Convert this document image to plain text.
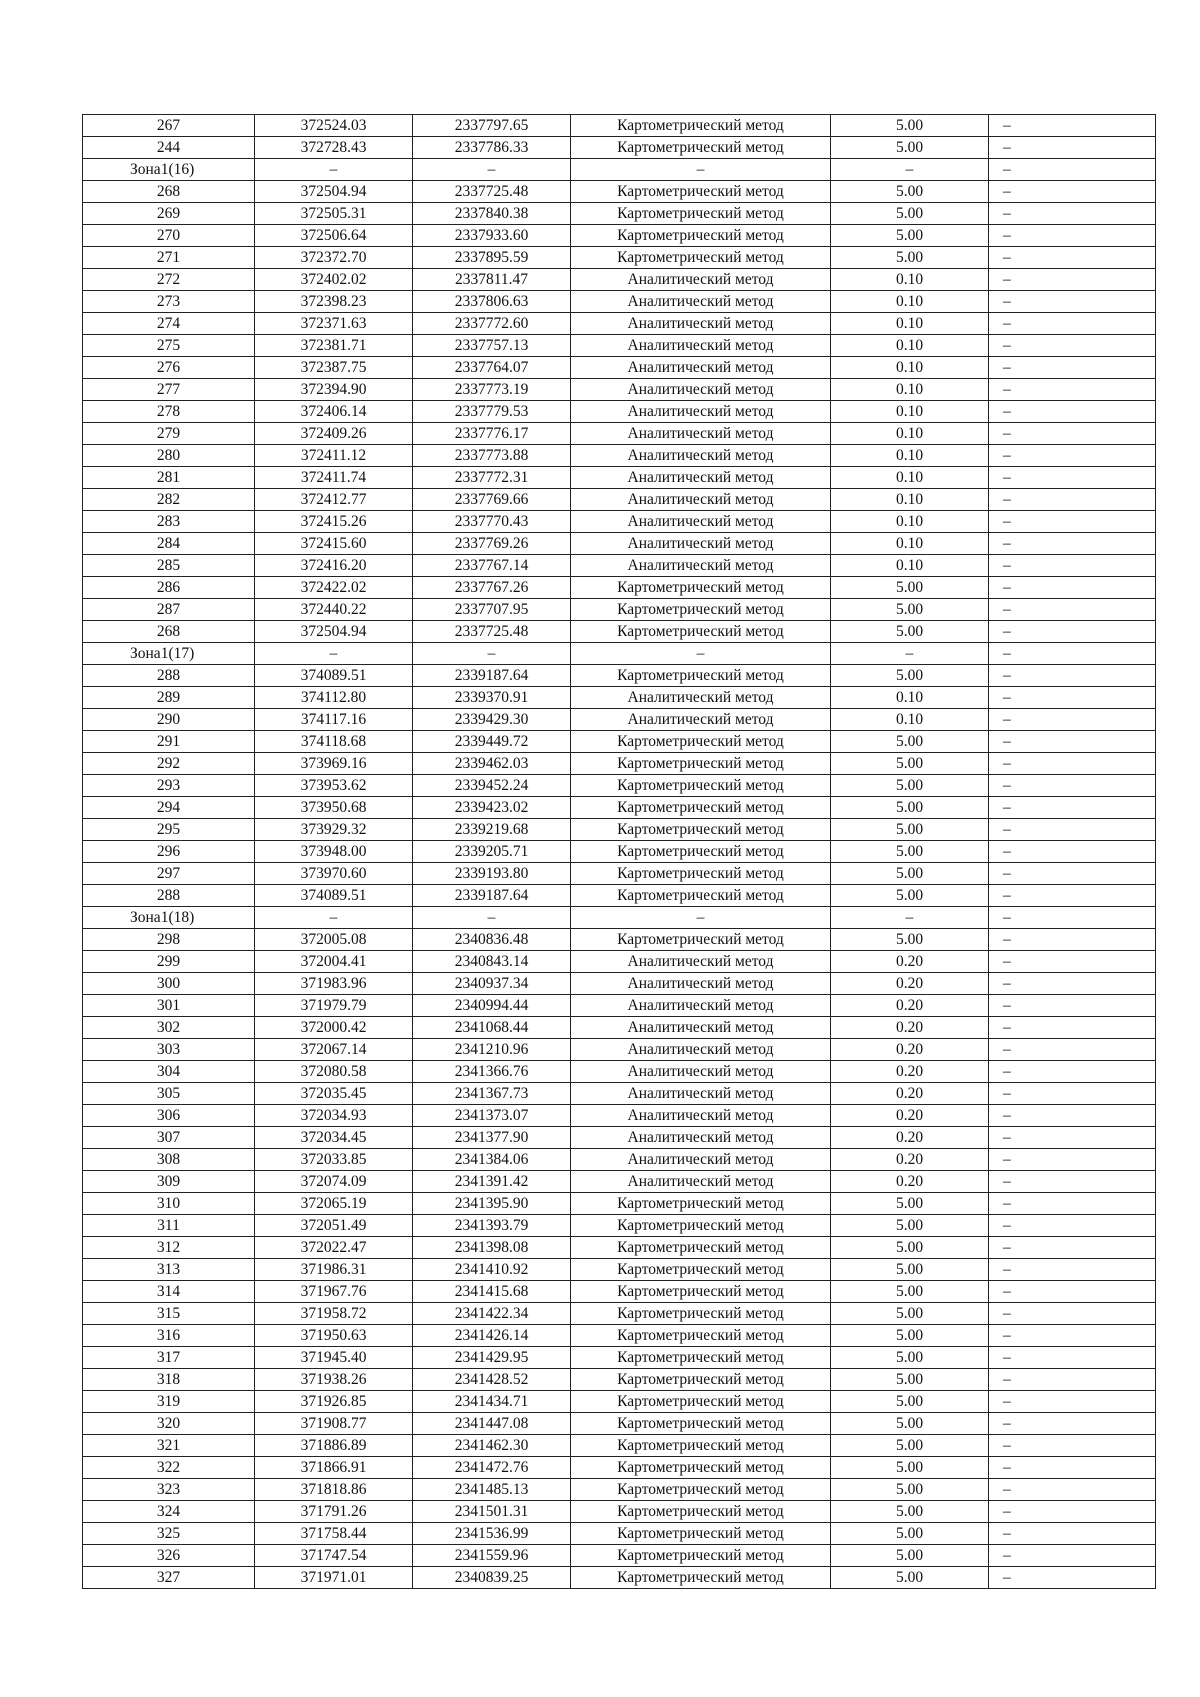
267	372524.03	2337797.65	Картометрический метод	5.00	–
244	372728.43	2337786.33	Картометрический метод	5.00	–
Зона1(16)	–	–	–	–	–
268	372504.94	2337725.48	Картометрический метод	5.00	–
269	372505.31	2337840.38	Картометрический метод	5.00	–
270	372506.64	2337933.60	Картометрический метод	5.00	–
271	372372.70	2337895.59	Картометрический метод	5.00	–
272	372402.02	2337811.47	Аналитический метод	0.10	–
273	372398.23	2337806.63	Аналитический метод	0.10	–
274	372371.63	2337772.60	Аналитический метод	0.10	–
275	372381.71	2337757.13	Аналитический метод	0.10	–
276	372387.75	2337764.07	Аналитический метод	0.10	–
277	372394.90	2337773.19	Аналитический метод	0.10	–
278	372406.14	2337779.53	Аналитический метод	0.10	–
279	372409.26	2337776.17	Аналитический метод	0.10	–
280	372411.12	2337773.88	Аналитический метод	0.10	–
281	372411.74	2337772.31	Аналитический метод	0.10	–
282	372412.77	2337769.66	Аналитический метод	0.10	–
283	372415.26	2337770.43	Аналитический метод	0.10	–
284	372415.60	2337769.26	Аналитический метод	0.10	–
285	372416.20	2337767.14	Аналитический метод	0.10	–
286	372422.02	2337767.26	Картометрический метод	5.00	–
287	372440.22	2337707.95	Картометрический метод	5.00	–
268	372504.94	2337725.48	Картометрический метод	5.00	–
Зона1(17)	–	–	–	–	–
288	374089.51	2339187.64	Картометрический метод	5.00	–
289	374112.80	2339370.91	Аналитический метод	0.10	–
290	374117.16	2339429.30	Аналитический метод	0.10	–
291	374118.68	2339449.72	Картометрический метод	5.00	–
292	373969.16	2339462.03	Картометрический метод	5.00	–
293	373953.62	2339452.24	Картометрический метод	5.00	–
294	373950.68	2339423.02	Картометрический метод	5.00	–
295	373929.32	2339219.68	Картометрический метод	5.00	–
296	373948.00	2339205.71	Картометрический метод	5.00	–
297	373970.60	2339193.80	Картометрический метод	5.00	–
288	374089.51	2339187.64	Картометрический метод	5.00	–
Зона1(18)	–	–	–	–	–
298	372005.08	2340836.48	Картометрический метод	5.00	–
299	372004.41	2340843.14	Аналитический метод	0.20	–
300	371983.96	2340937.34	Аналитический метод	0.20	–
301	371979.79	2340994.44	Аналитический метод	0.20	–
302	372000.42	2341068.44	Аналитический метод	0.20	–
303	372067.14	2341210.96	Аналитический метод	0.20	–
304	372080.58	2341366.76	Аналитический метод	0.20	–
305	372035.45	2341367.73	Аналитический метод	0.20	–
306	372034.93	2341373.07	Аналитический метод	0.20	–
307	372034.45	2341377.90	Аналитический метод	0.20	–
308	372033.85	2341384.06	Аналитический метод	0.20	–
309	372074.09	2341391.42	Аналитический метод	0.20	–
310	372065.19	2341395.90	Картометрический метод	5.00	–
311	372051.49	2341393.79	Картометрический метод	5.00	–
312	372022.47	2341398.08	Картометрический метод	5.00	–
313	371986.31	2341410.92	Картометрический метод	5.00	–
314	371967.76	2341415.68	Картометрический метод	5.00	–
315	371958.72	2341422.34	Картометрический метод	5.00	–
316	371950.63	2341426.14	Картометрический метод	5.00	–
317	371945.40	2341429.95	Картометрический метод	5.00	–
318	371938.26	2341428.52	Картометрический метод	5.00	–
319	371926.85	2341434.71	Картометрический метод	5.00	–
320	371908.77	2341447.08	Картометрический метод	5.00	–
321	371886.89	2341462.30	Картометрический метод	5.00	–
322	371866.91	2341472.76	Картометрический метод	5.00	–
323	371818.86	2341485.13	Картометрический метод	5.00	–
324	371791.26	2341501.31	Картометрический метод	5.00	–
325	371758.44	2341536.99	Картометрический метод	5.00	–
326	371747.54	2341559.96	Картометрический метод	5.00	–
327	371971.01	2340839.25	Картометрический метод	5.00	–
